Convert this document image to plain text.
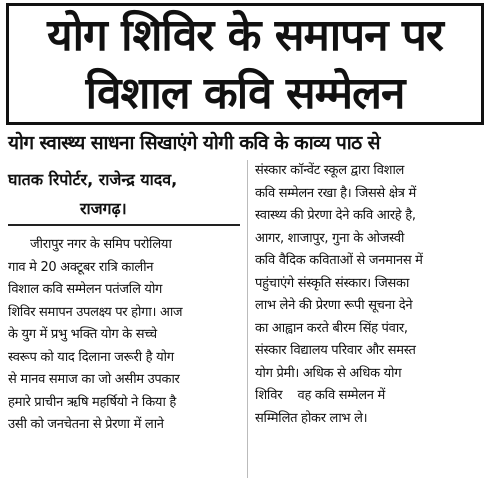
योग शिविर के समापन पर
विशाल कवि सम्मेलन
योग स्वास्थ्य साधना सिखाएंगे योगी कवि के काव्य पाठ से
घातक रिपोर्टर, राजेन्द्र यादव,
राजगढ़।
जीरापुर नगर के समिप परोलिया
गाव मे 20 अक्टूबर रात्रि कालीन
विशाल कवि सम्मेलन पतंजलि योग
शिविर समापन उपलक्ष्य पर होगा। आज
के युग में प्रभु भक्ति योग के सच्चे
स्वरूप को याद दिलाना जरूरी है योग
से मानव समाज का जो असीम उपकार
हमारे प्राचीन ऋषि महर्षियो ने किया है
उसी को जनचेतना से प्रेरणा में लाने
संस्कार कॉन्वेंट स्कूल द्वारा विशाल
कवि सम्मेलन रखा है। जिससे क्षेत्र में
स्वास्थ्य की प्रेरणा देने कवि आरहे है,
आगर, शाजापुर, गुना के ओजस्वी
कवि वैदिक कविताओं से जनमानस में
पहुंचाएंगे संस्कृति संस्कार। जिसका
लाभ लेने की प्रेरणा रूपी सूचना देने
का आह्वान करते बीरम सिंह पंवार,
संस्कार विद्यालय परिवार और समस्त
योग प्रेमी। अधिक से अधिक योग
शिविर    वह कवि सम्मेलन में
सम्मिलित होकर लाभ ले।
